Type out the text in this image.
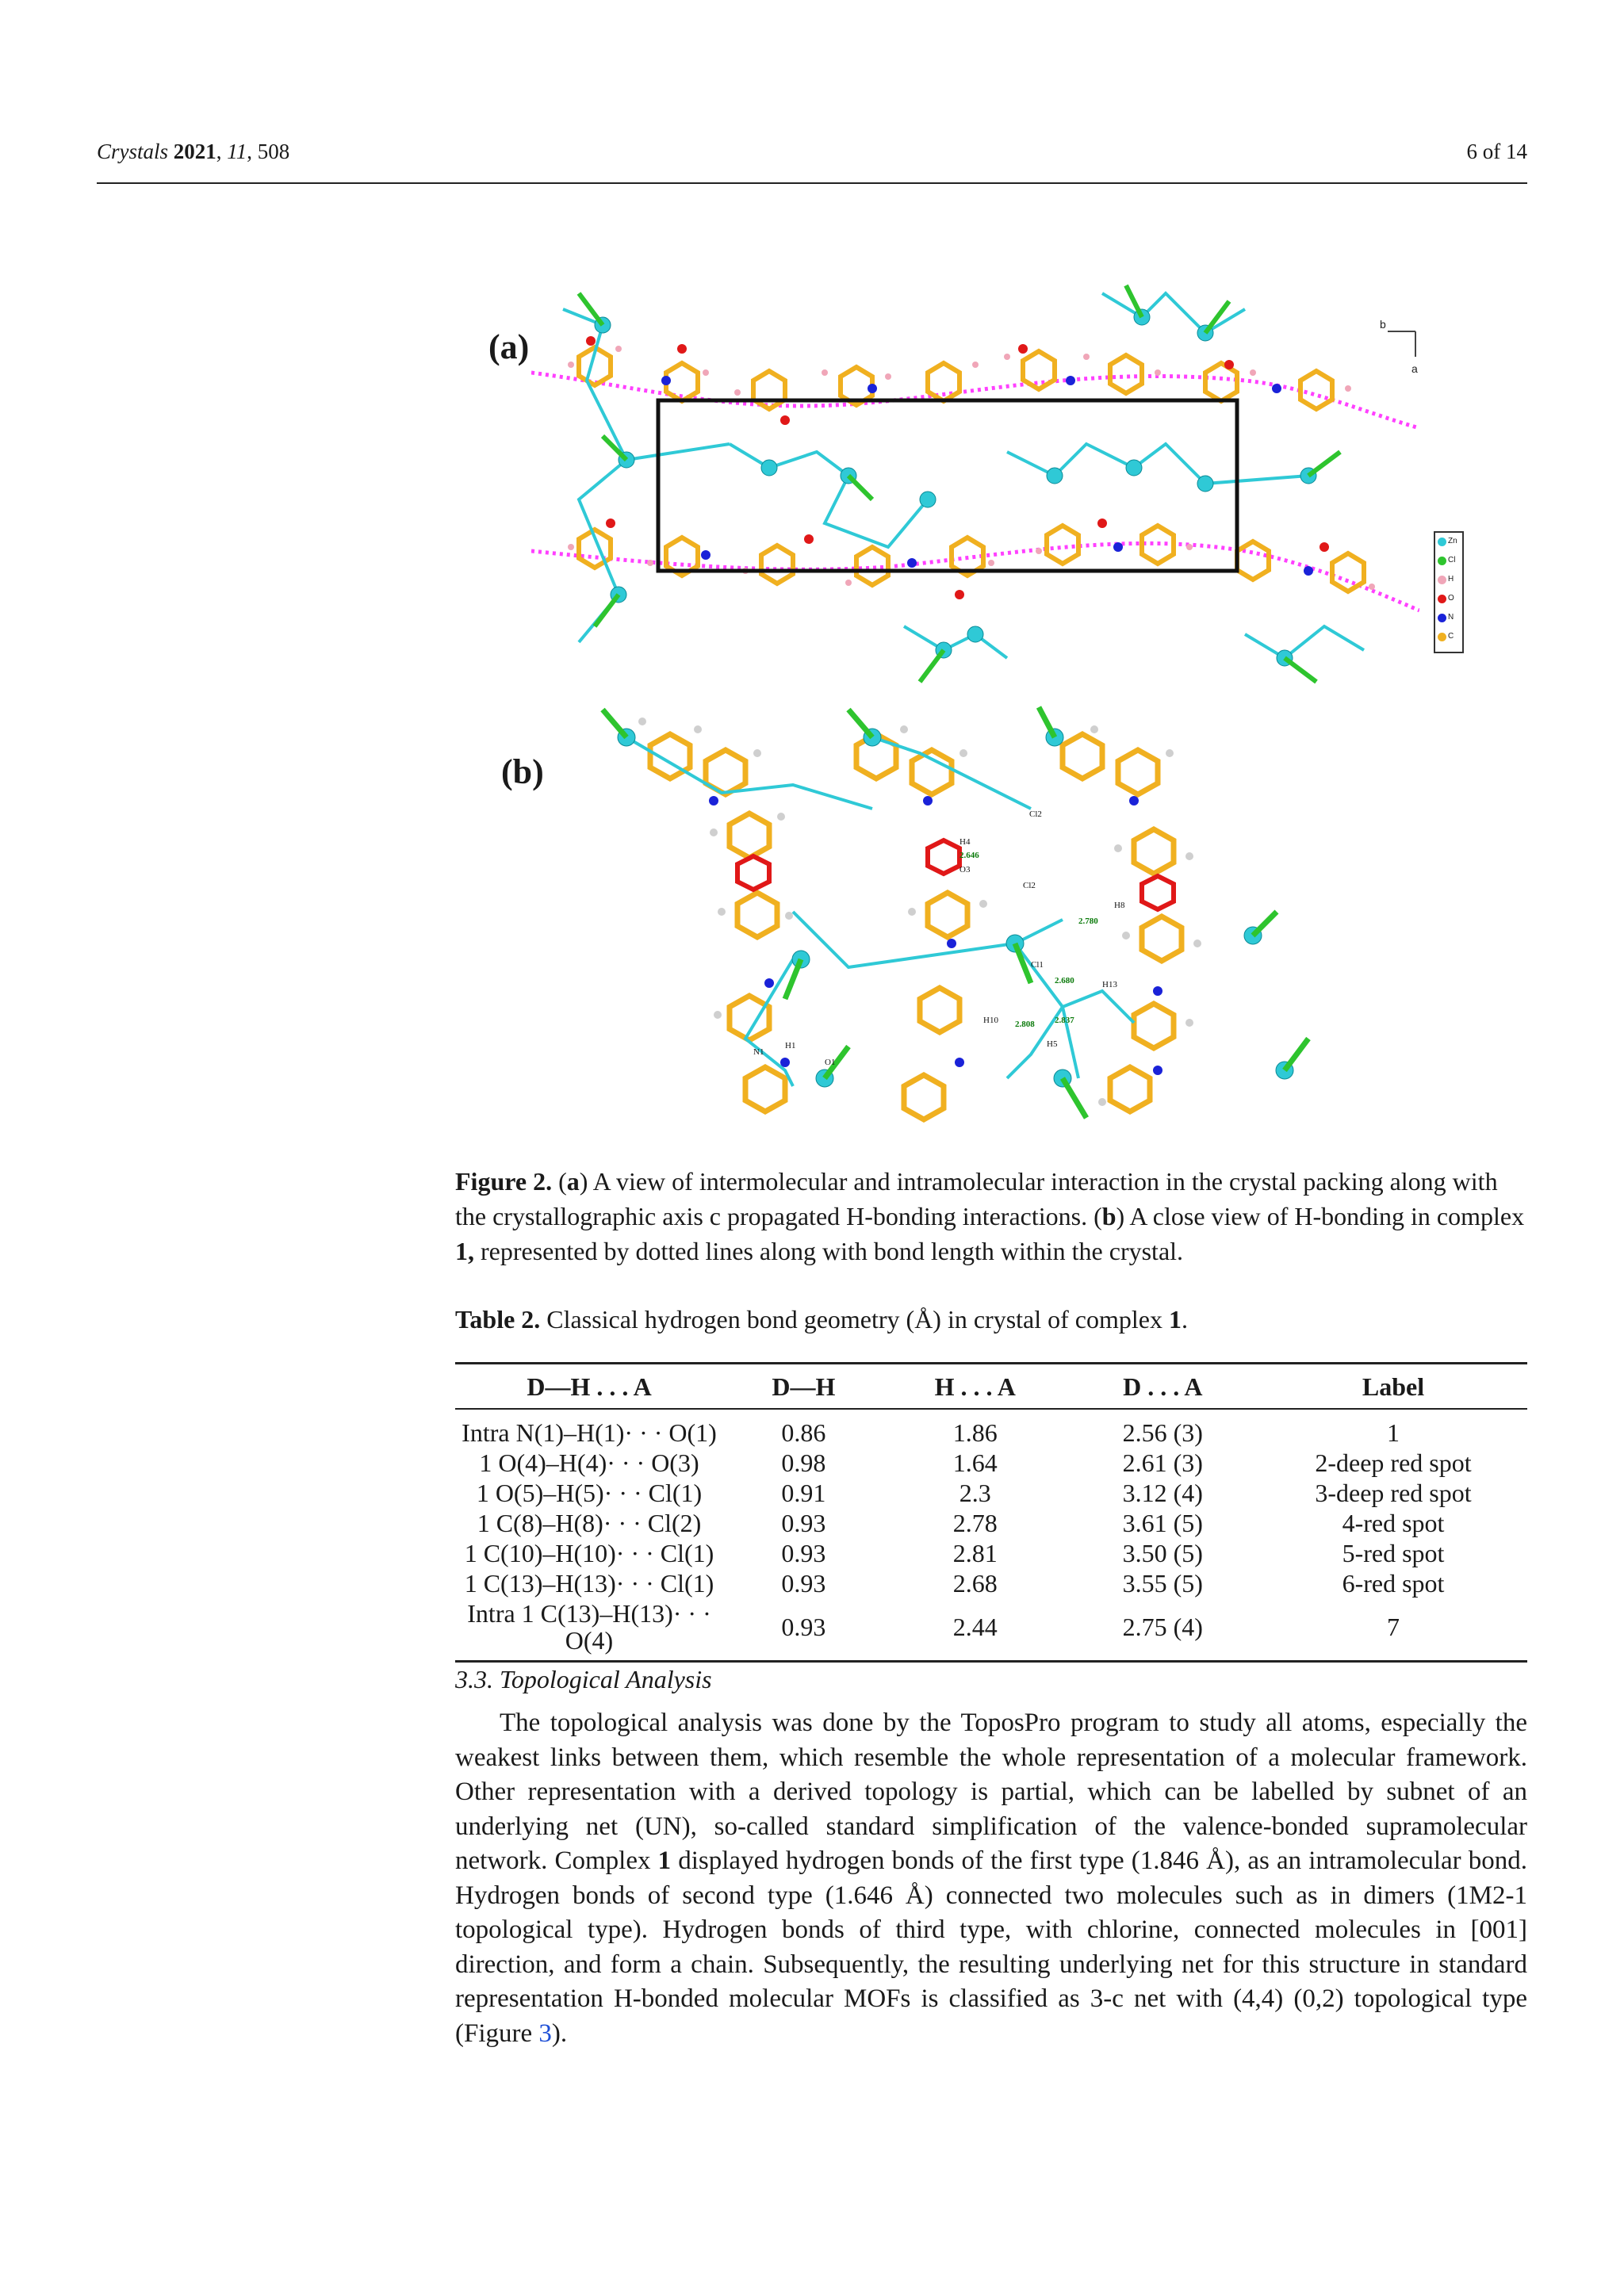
Crystals 2021, 11, 508	6 of 14
(a)
(b)
b
a
Zn
Cl
H
O
N
C
Cl2
H4
2.646
O3
Cl2
H8
2.780
Cl1
2.680	H13
H10 2.808 2.837
H5
N1
H1
O1
Figure 2. (a) A view of intermolecular and intramolecular interaction in the crystal packing along with the crystallographic axis c propagated H-bonding interactions. (b) A close view of H-bonding in complex 1, represented by dotted lines along with bond length within the crystal.
Table 2. Classical hydrogen bond geometry (Å) in crystal of complex 1.
D—H . . . A	D—H	H . . . A	D . . . A	Label
Intra N(1)–H(1)· · · O(1)	0.86	1.86	2.56 (3)	1
1 O(4)–H(4)· · · O(3)	0.98	1.64	2.61 (3)	2-deep red spot
1 O(5)–H(5)· · · Cl(1)	0.91	2.3	3.12 (4)	3-deep red spot
1 C(8)–H(8)· · · Cl(2)	0.93	2.78	3.61 (5)	4-red spot
1 C(10)–H(10)· · · Cl(1)	0.93	2.81	3.50 (5)	5-red spot
1 C(13)–H(13)· · · Cl(1)	0.93	2.68	3.55 (5)	6-red spot
Intra 1 C(13)–H(13)· · · O(4)	0.93	2.44	2.75 (4)	7
3.3. Topological Analysis
The topological analysis was done by the ToposPro program to study all atoms, especially the weakest links between them, which resemble the whole representation of a molecular framework. Other representation with a derived topology is partial, which can be labelled by subnet of an underlying net (UN), so-called standard simplification of the valence-bonded supramolecular network. Complex 1 displayed hydrogen bonds of the first type (1.846 Å), as an intramolecular bond. Hydrogen bonds of second type (1.646 Å) connected two molecules such as in dimers (1M2-1 topological type). Hydrogen bonds of third type, with chlorine, connected molecules in [001] direction, and form a chain. Subsequently, the resulting underlying net for this structure in standard representation H-bonded molecular MOFs is classified as 3-c net with (4,4) (0,2) topological type (Figure 3).
